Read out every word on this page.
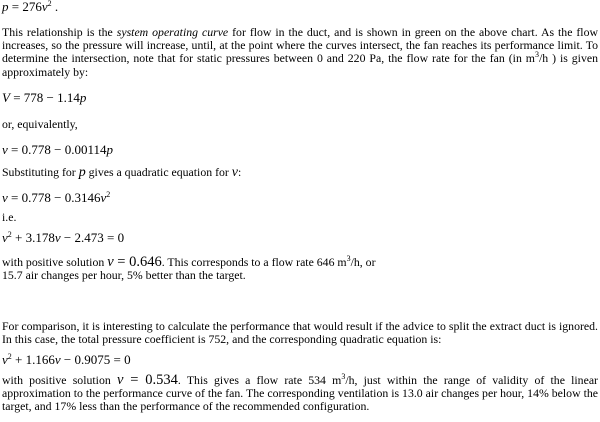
$p = 276v^2$ .
This relationship is the system operating curve for flow in the duct, and is shown in green on the above chart. As the flow increases, so the pressure will increase, until, at the point where the curves intersect, the fan reaches its performance limit. To determine the intersection, note that for static pressures between 0 and 220 Pa, the flow rate for the fan (in $m^3/h$ ) is given approximately by:
V = 778 − 1.14p
or, equivalently,
v = 0.778 − 0.00114p
Substituting for p gives a quadratic equation for v:
$v = 0.778 - 0.3146v^2$
i.e.
$v^2 + 3.178v - 2.473 = 0$
with positive solution v = 0.646. This corresponds to a flow rate 646 $m^3/h$, or
15.7 air changes per hour, 5% better than the target.
For comparison, it is interesting to calculate the performance that would result if the advice to split the extract duct is ignored. In this case, the total pressure coefficient is 752, and the corresponding quadratic equation is:
$v^2 + 1.166v - 0.9075 = 0$
with positive solution v = 0.534. This gives a flow rate 534 $m^3/h$, just within the range of validity of the linear approximation to the performance curve of the fan. The corresponding ventilation is 13.0 air changes per hour, 14% below the target, and 17% less than the performance of the recommended configuration.
